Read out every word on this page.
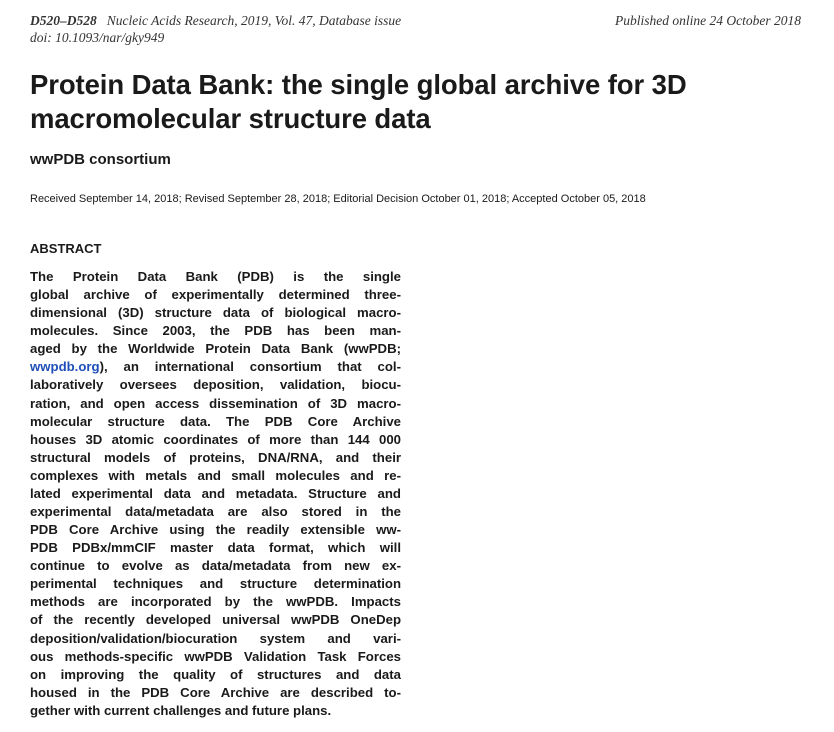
D520–D528 Nucleic Acids Research, 2019, Vol. 47, Database issue
doi: 10.1093/nar/gky949
Published online 24 October 2018
Protein Data Bank: the single global archive for 3D macromolecular structure data
wwPDB consortium
Received September 14, 2018; Revised September 28, 2018; Editorial Decision October 01, 2018; Accepted October 05, 2018
ABSTRACT
The Protein Data Bank (PDB) is the single
global archive of experimentally determined three-
dimensional (3D) structure data of biological macro-
molecules. Since 2003, the PDB has been man-
aged by the Worldwide Protein Data Bank (wwPDB;
wwpdb.org), an international consortium that col-
laboratively oversees deposition, validation, biocu-
ration, and open access dissemination of 3D macro-
molecular structure data. The PDB Core Archive
houses 3D atomic coordinates of more than 144 000
structural models of proteins, DNA/RNA, and their
complexes with metals and small molecules and re-
lated experimental data and metadata. Structure and
experimental data/metadata are also stored in the
PDB Core Archive using the readily extensible ww-
PDB PDBx/mmCIF master data format, which will
continue to evolve as data/metadata from new ex-
perimental techniques and structure determination
methods are incorporated by the wwPDB. Impacts
of the recently developed universal wwPDB OneDep
deposition/validation/biocuration system and vari-
ous methods-specific wwPDB Validation Task Forces
on improving the quality of structures and data
housed in the PDB Core Archive are described to-
gether with current challenges and future plans.
